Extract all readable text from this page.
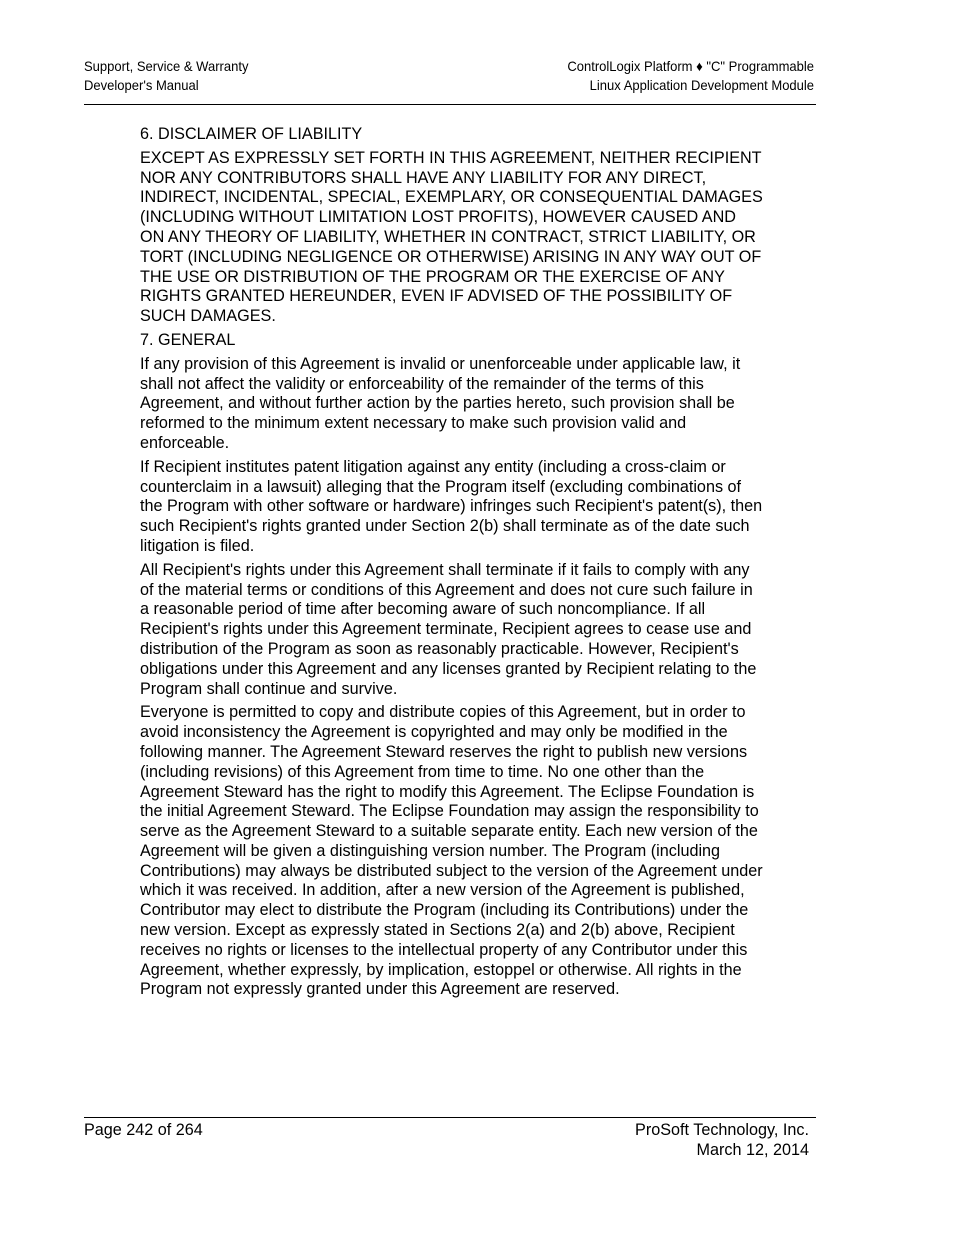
Support, Service & Warranty
Developer's Manual
ControlLogix Platform ♦ "C" Programmable
Linux Application Development Module
6. DISCLAIMER OF LIABILITY

EXCEPT AS EXPRESSLY SET FORTH IN THIS AGREEMENT, NEITHER RECIPIENT NOR ANY CONTRIBUTORS SHALL HAVE ANY LIABILITY FOR ANY DIRECT, INDIRECT, INCIDENTAL, SPECIAL, EXEMPLARY, OR CONSEQUENTIAL DAMAGES (INCLUDING WITHOUT LIMITATION LOST PROFITS), HOWEVER CAUSED AND ON ANY THEORY OF LIABILITY, WHETHER IN CONTRACT, STRICT LIABILITY, OR TORT (INCLUDING NEGLIGENCE OR OTHERWISE) ARISING IN ANY WAY OUT OF THE USE OR DISTRIBUTION OF THE PROGRAM OR THE EXERCISE OF ANY RIGHTS GRANTED HEREUNDER, EVEN IF ADVISED OF THE POSSIBILITY OF SUCH DAMAGES.

7. GENERAL

If any provision of this Agreement is invalid or unenforceable under applicable law, it shall not affect the validity or enforceability of the remainder of the terms of this Agreement, and without further action by the parties hereto, such provision shall be reformed to the minimum extent necessary to make such provision valid and enforceable.

If Recipient institutes patent litigation against any entity (including a cross-claim or counterclaim in a lawsuit) alleging that the Program itself (excluding combinations of the Program with other software or hardware) infringes such Recipient's patent(s), then such Recipient's rights granted under Section 2(b) shall terminate as of the date such litigation is filed.

All Recipient's rights under this Agreement shall terminate if it fails to comply with any of the material terms or conditions of this Agreement and does not cure such failure in a reasonable period of time after becoming aware of such noncompliance. If all Recipient's rights under this Agreement terminate, Recipient agrees to cease use and distribution of the Program as soon as reasonably practicable. However, Recipient's obligations under this Agreement and any licenses granted by Recipient relating to the Program shall continue and survive.

Everyone is permitted to copy and distribute copies of this Agreement, but in order to avoid inconsistency the Agreement is copyrighted and may only be modified in the following manner. The Agreement Steward reserves the right to publish new versions (including revisions) of this Agreement from time to time. No one other than the Agreement Steward has the right to modify this Agreement. The Eclipse Foundation is the initial Agreement Steward. The Eclipse Foundation may assign the responsibility to serve as the Agreement Steward to a suitable separate entity. Each new version of the Agreement will be given a distinguishing version number. The Program (including Contributions) may always be distributed subject to the version of the Agreement under which it was received. In addition, after a new version of the Agreement is published, Contributor may elect to distribute the Program (including its Contributions) under the new version. Except as expressly stated in Sections 2(a) and 2(b) above, Recipient receives no rights or licenses to the intellectual property of any Contributor under this Agreement, whether expressly, by implication, estoppel or otherwise. All rights in the Program not expressly granted under this Agreement are reserved.

Page 242 of 264	ProSoft Technology, Inc.
March 12, 2014
